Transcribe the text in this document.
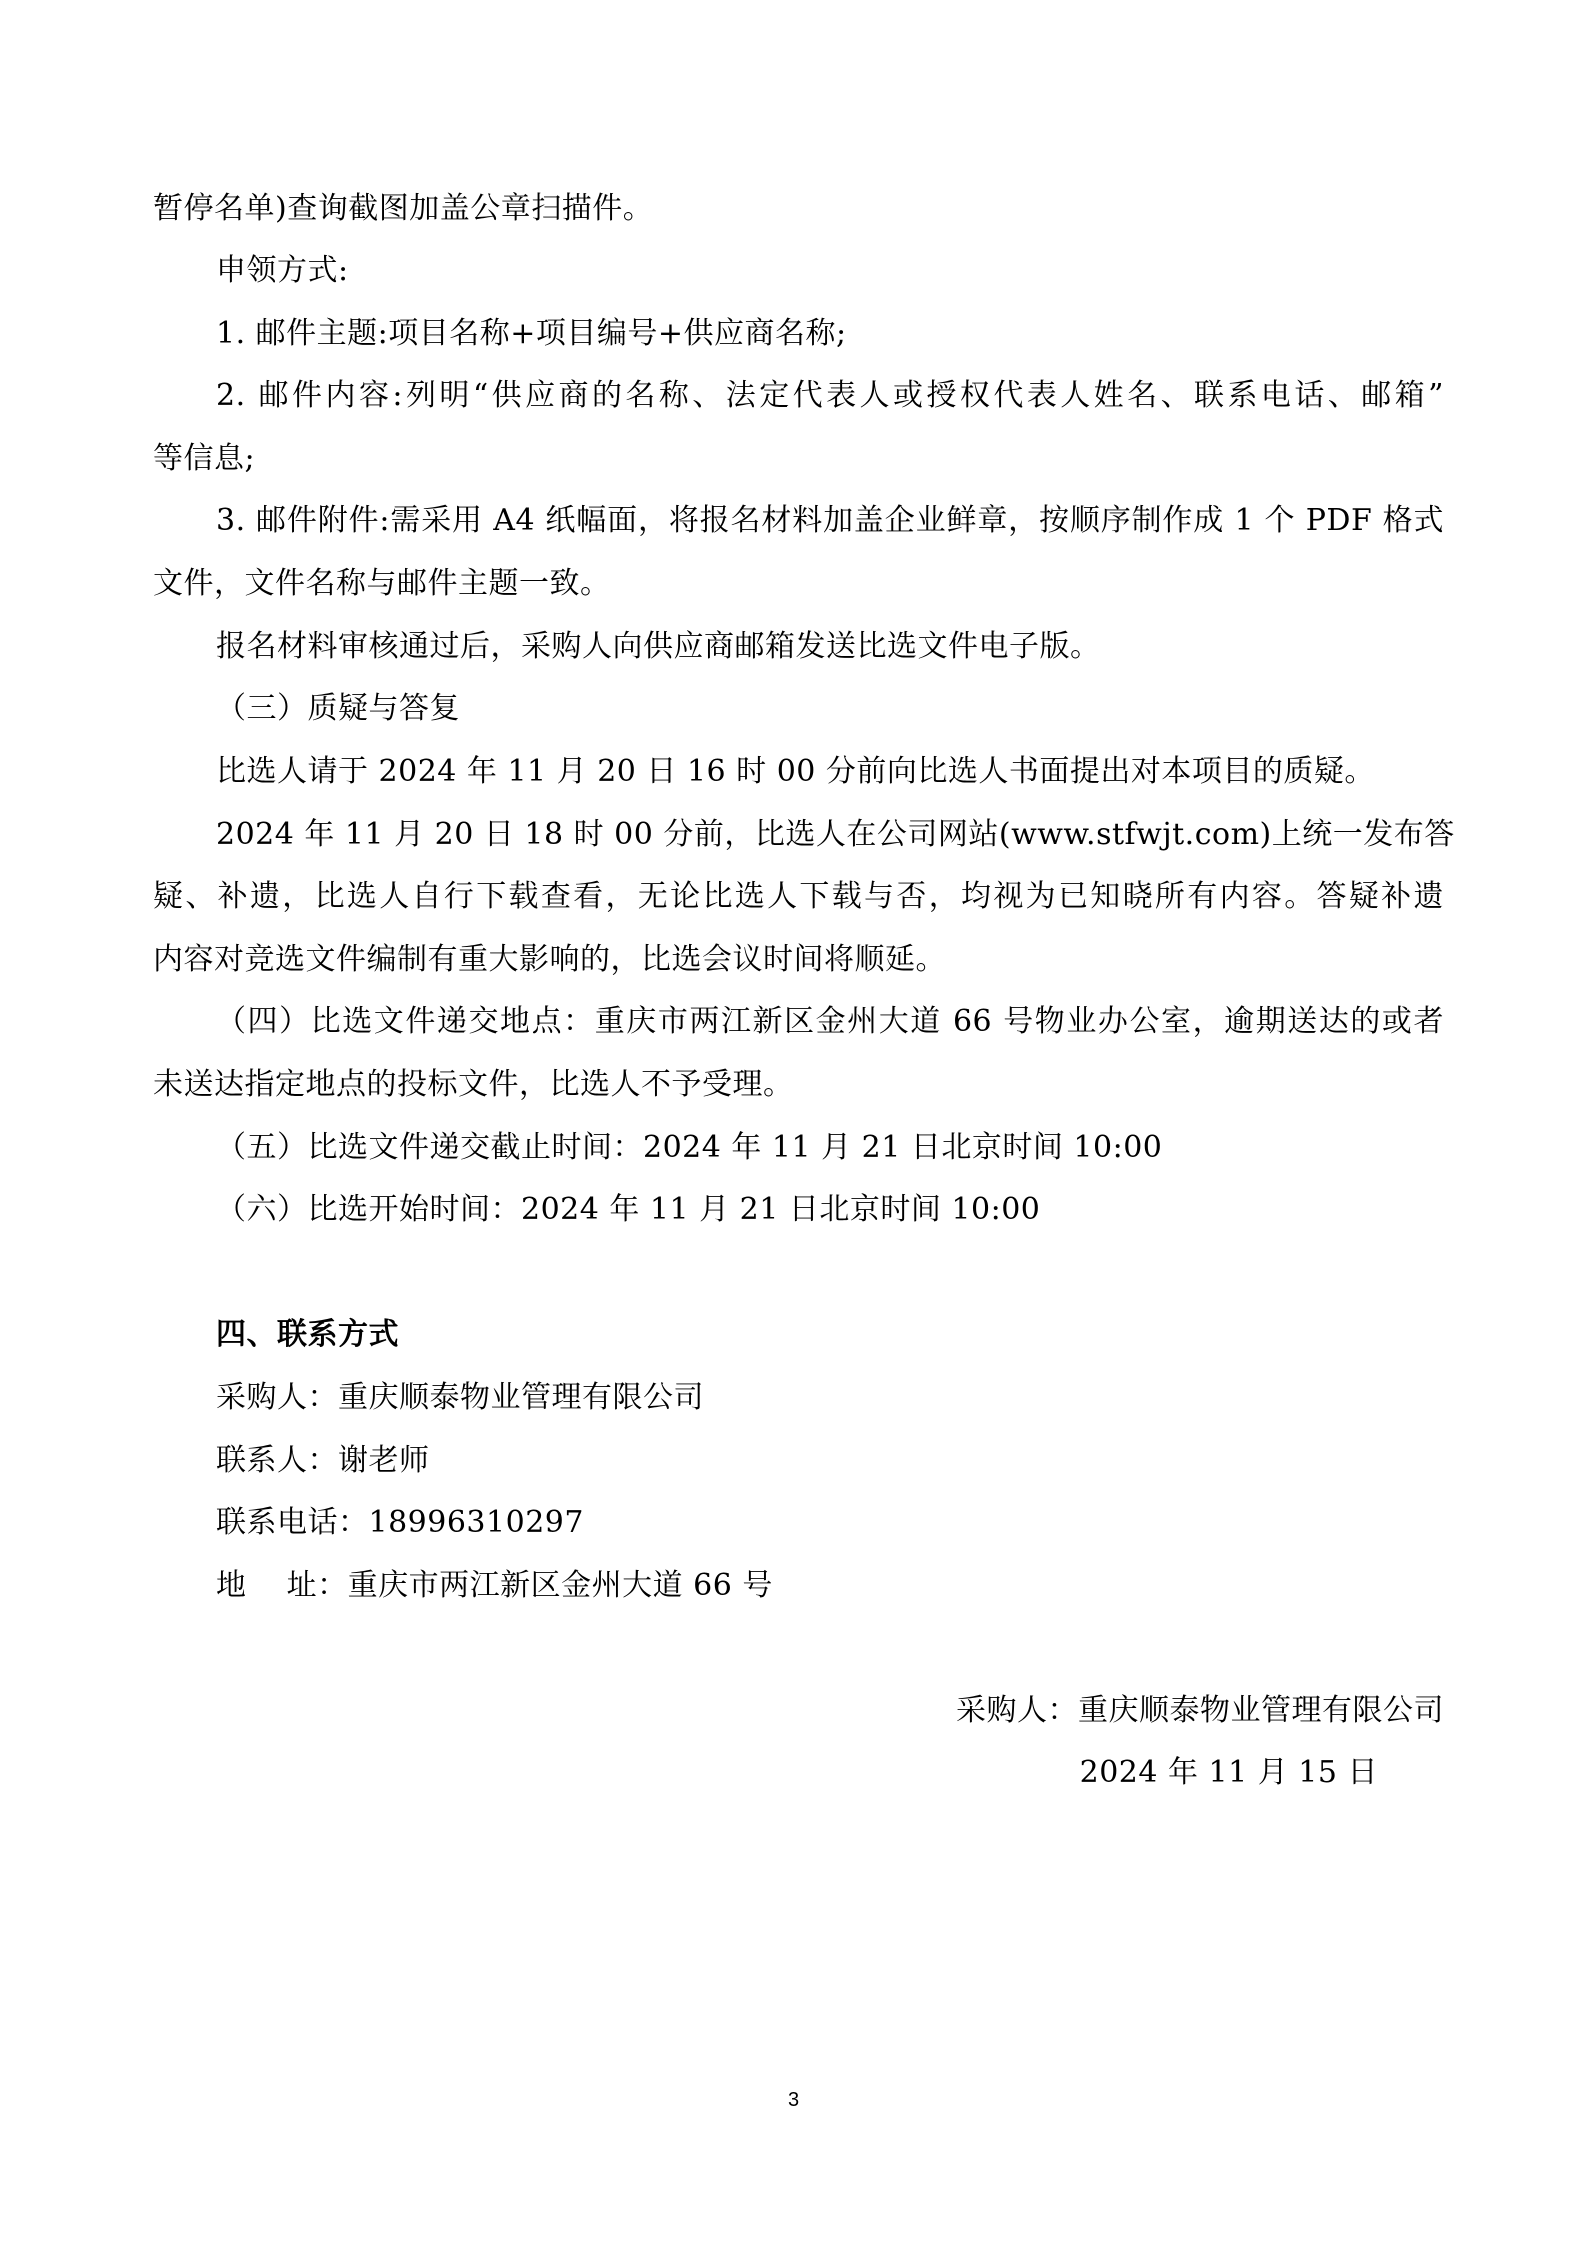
暂停名单)查询截图加盖公章扫描件。
申领方式:
1. 邮件主题:项目名称+项目编号+供应商名称;
2. 邮件内容:列明“供应商的名称、法定代表人或授权代表人姓名、联系电话、邮箱”
等信息;
3. 邮件附件:需采用 A4 纸幅面，将报名材料加盖企业鲜章，按顺序制作成 1 个 PDF 格式
文件，文件名称与邮件主题一致。
报名材料审核通过后，采购人向供应商邮箱发送比选文件电子版。
（三）质疑与答复
比选人请于 2024 年 11 月 20 日 16 时 00 分前向比选人书面提出对本项目的质疑。
2024 年 11 月 20 日 18 时 00 分前，比选人在公司网站(www.stfwjt.com)上统一发布答
疑、补遗，比选人自行下载查看，无论比选人下载与否，均视为已知晓所有内容。答疑补遗
内容对竞选文件编制有重大影响的，比选会议时间将顺延。
（四）比选文件递交地点：重庆市两江新区金州大道 66 号物业办公室，逾期送达的或者
未送达指定地点的投标文件，比选人不予受理。
（五）比选文件递交截止时间：2024 年 11 月 21 日北京时间 10:00
（六）比选开始时间：2024 年 11 月 21 日北京时间 10:00
四、联系方式
采购人：重庆顺泰物业管理有限公司
联系人：谢老师
联系电话：18996310297
地    址：重庆市两江新区金州大道 66 号
采购人：重庆顺泰物业管理有限公司
2024 年 11 月 15 日
3
